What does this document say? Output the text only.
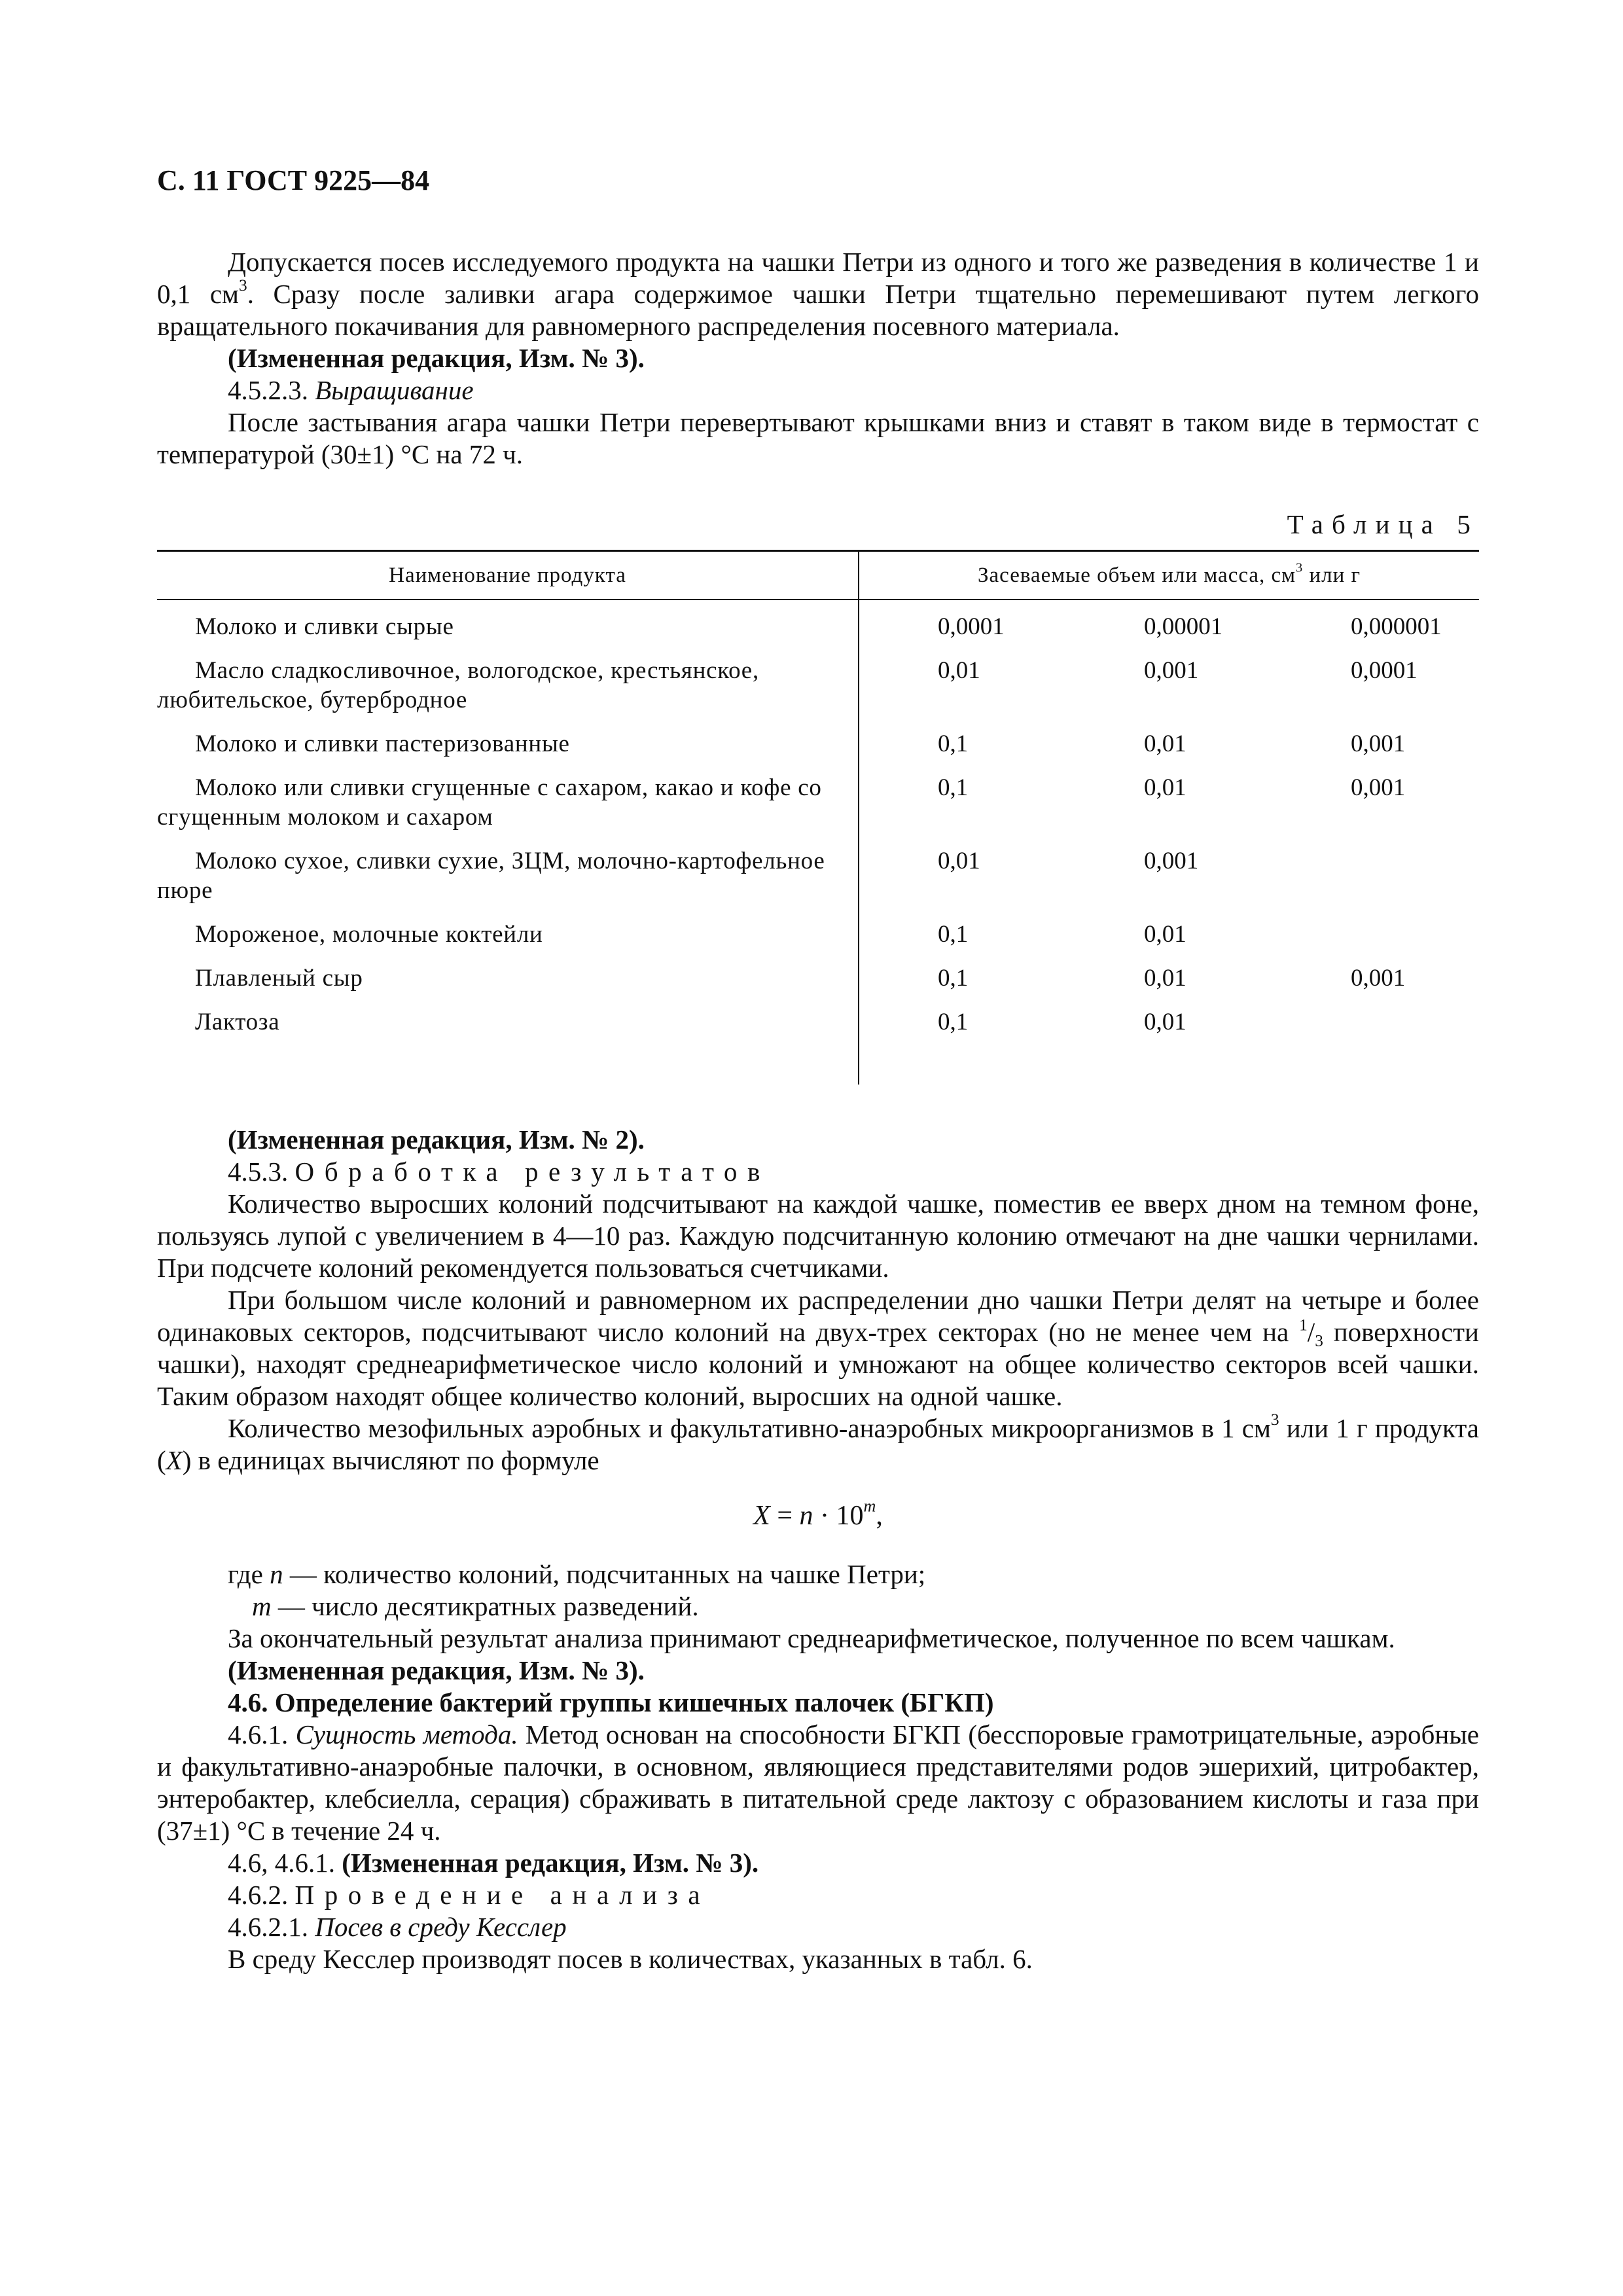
С. 11 ГОСТ 9225—84

Допускается посев исследуемого продукта на чашки Петри из одного и того же разведения в количестве 1 и 0,1 $см^3$. Сразу после заливки агара содержимое чашки Петри тщательно перемешивают путем легкого вращательного покачивания для равномерного распределения посевного материала.

(Измененная редакция, Изм. № 3).

4.5.2.3. Выращивание

После застывания агара чашки Петри перевертывают крышками вниз и ставят в таком виде в термостат с температурой (30±1) °С на 72 ч.

Таблица 5
Наименование продукта	Засеваемые объем или масса, $см^3$ или г		

Молоко и сливки сырые	0,0001	0,00001	0,000001

Масло сладкосливочное, вологодское, крестьянское, любительское, бутербродное	0,01	0,001	0,0001

Молоко и сливки пастеризованные	0,1	0,01	0,001

Молоко или сливки сгущенные с сахаром, какао и кофе со сгущенным молоком и сахаром	0,1	0,01	0,001

Молоко сухое, сливки сухие, ЗЦМ, молочно-картофельное пюре	0,01	0,001	

Мороженое, молочные коктейли	0,1	0,01	

Плавленый сыр	0,1	0,01	0,001

Лактоза	0,1	0,01	

(Измененная редакция, Изм. № 2).

4.5.3. Обработка результатов

Количество выросших колоний подсчитывают на каждой чашке, поместив ее вверх дном на темном фоне, пользуясь лупой с увеличением в 4—10 раз. Каждую подсчитанную колонию отмечают на дне чашки чернилами. При подсчете колоний рекомендуется пользоваться счетчиками.

При большом числе колоний и равномерном их распределении дно чашки Петри делят на четыре и более одинаковых секторов, подсчитывают число колоний на двух-трех секторах (но не менее чем на $^1$/3 поверхности чашки), находят среднеарифметическое число колоний и умножают на общее количество секторов всей чашки. Таким образом находят общее количество колоний, выросших на одной чашке.

Количество мезофильных аэробных и факультативно-анаэробных микроорганизмов в 1 $см^3$ или 1 г продукта (X) в единицах вычисляют по формуле

$X = n \cdot 10^m$,

где n — количество колоний, подсчитанных на чашке Петри;

m — число десятикратных разведений.

За окончательный результат анализа принимают среднеарифметическое, полученное по всем чашкам.

(Измененная редакция, Изм. № 3).

4.6. Определение бактерий группы кишечных палочек (БГКП)

4.6.1. Сущность метода. Метод основан на способности БГКП (бесспоровые грамотрицательные, аэробные и факультативно-анаэробные палочки, в основном, являющиеся представителями родов эшерихий, цитробактер, энтеробактер, клебсиелла, серация) сбраживать в питательной среде лактозу с образованием кислоты и газа при (37±1) °С в течение 24 ч.

4.6, 4.6.1. (Измененная редакция, Изм. № 3).

4.6.2. Проведение анализа

4.6.2.1. Посев в среду Кесслер

В среду Кесслер производят посев в количествах, указанных в табл. 6.
